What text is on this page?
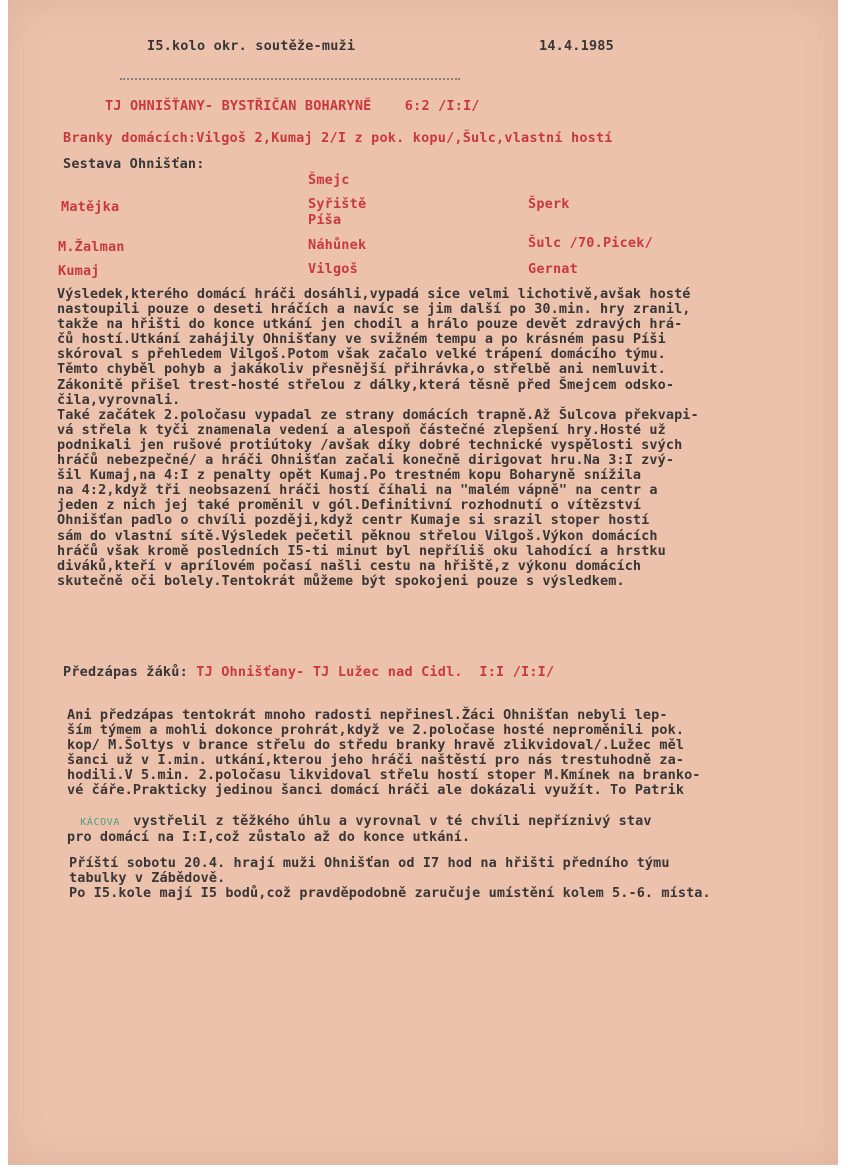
I5.kolo okr. soutěže-muži	14.4.1985
TJ OHNIŠŤANY- BYSTŘIČAN BOHARYNĚ    6:2 /I:I/
Branky domácích:Vilgoš 2,Kumaj 2/I z pok. kopu/,Šulc,vlastní hostí
Sestava Ohnišťan:
Šmejc
Matějka	Syřiště	Šperk
Píša
M.Žalman	Náhůnek	Šulc /70.Picek/
Kumaj	Vilgoš	Gernat
Výsledek,kterého domácí hráči dosáhli,vypadá sice velmi lichotivě,avšak hosté
nastoupili pouze o deseti hráčích a navíc se jim další po 30.min. hry zranil,
takže na hřišti do konce utkání jen chodil a hrálo pouze devět zdravých hrá-
čů hostí.Utkání zahájily Ohnišťany ve svižném tempu a po krásném pasu Píši
skóroval s přehledem Vilgoš.Potom však začalo velké trápení domácího týmu.
Těmto chyběl pohyb a jakákoliv přesnější přihrávka,o střelbě ani nemluvit.
Zákonitě přišel trest-hosté střelou z dálky,která těsně před Šmejcem odsko-
čila,vyrovnali.
Také začátek 2.poločasu vypadal ze strany domácích trapně.Až Šulcova překvapi-
vá střela k tyči znamenala vedení a alespoň částečné zlepšení hry.Hosté už
podnikali jen rušové protiútoky /avšak díky dobré technické vyspělosti svých
hráčů nebezpečné/ a hráči Ohnišťan začali konečně dirigovat hru.Na 3:I zvý-
šil Kumaj,na 4:I z penalty opět Kumaj.Po trestném kopu Boharyně snížila
na 4:2,když tři neobsazení hráči hostí číhali na "malém vápně" na centr a
jeden z nich jej také proměnil v gól.Definitivní rozhodnutí o vítězství
Ohnišťan padlo o chvíli později,když centr Kumaje si srazil stoper hostí
sám do vlastní sítě.Výsledek pečetil pěknou střelou Vilgoš.Výkon domácích
hráčů však kromě posledních I5-ti minut byl nepříliš oku lahodící a hrstku
diváků,kteří v aprílovém počasí našli cestu na hřiště,z výkonu domácích
skutečně oči bolely.Tentokrát můžeme být spokojeni pouze s výsledkem.

Předzápas žáků: TJ Ohnišťany- TJ Lužec nad Cidl.  I:I /I:I/
Ani předzápas tentokrát mnoho radosti nepřinesl.Žáci Ohnišťan nebyli lep-
ším týmem a mohli dokonce prohrát,když ve 2.poločase hosté neproměnili pok.
kop/ M.Šoltys v brance střelu do středu branky hravě zlikvidoval/.Lužec měl
šanci už v I.min. utkání,kterou jeho hráči naštěstí pro nás trestuhodně za-
hodili.V 5.min. 2.poločasu likvidoval střelu hostí stoper M.Kmínek na branko-
vé čáře.Prakticky jedinou šanci domácí hráči ale dokázali využít. To Patrik

KÁCOVA  vystřelil z těžkého úhlu a vyrovnal v té chvíli nepříznivý stav
pro domácí na I:I,což zůstalo až do konce utkání.
Příští sobotu 20.4. hrají muži Ohnišťan od I7 hod na hřišti předního týmu
tabulky v Zábědově.
Po I5.kole mají I5 bodů,což pravděpodobně zaručuje umístění kolem 5.-6. místa.
